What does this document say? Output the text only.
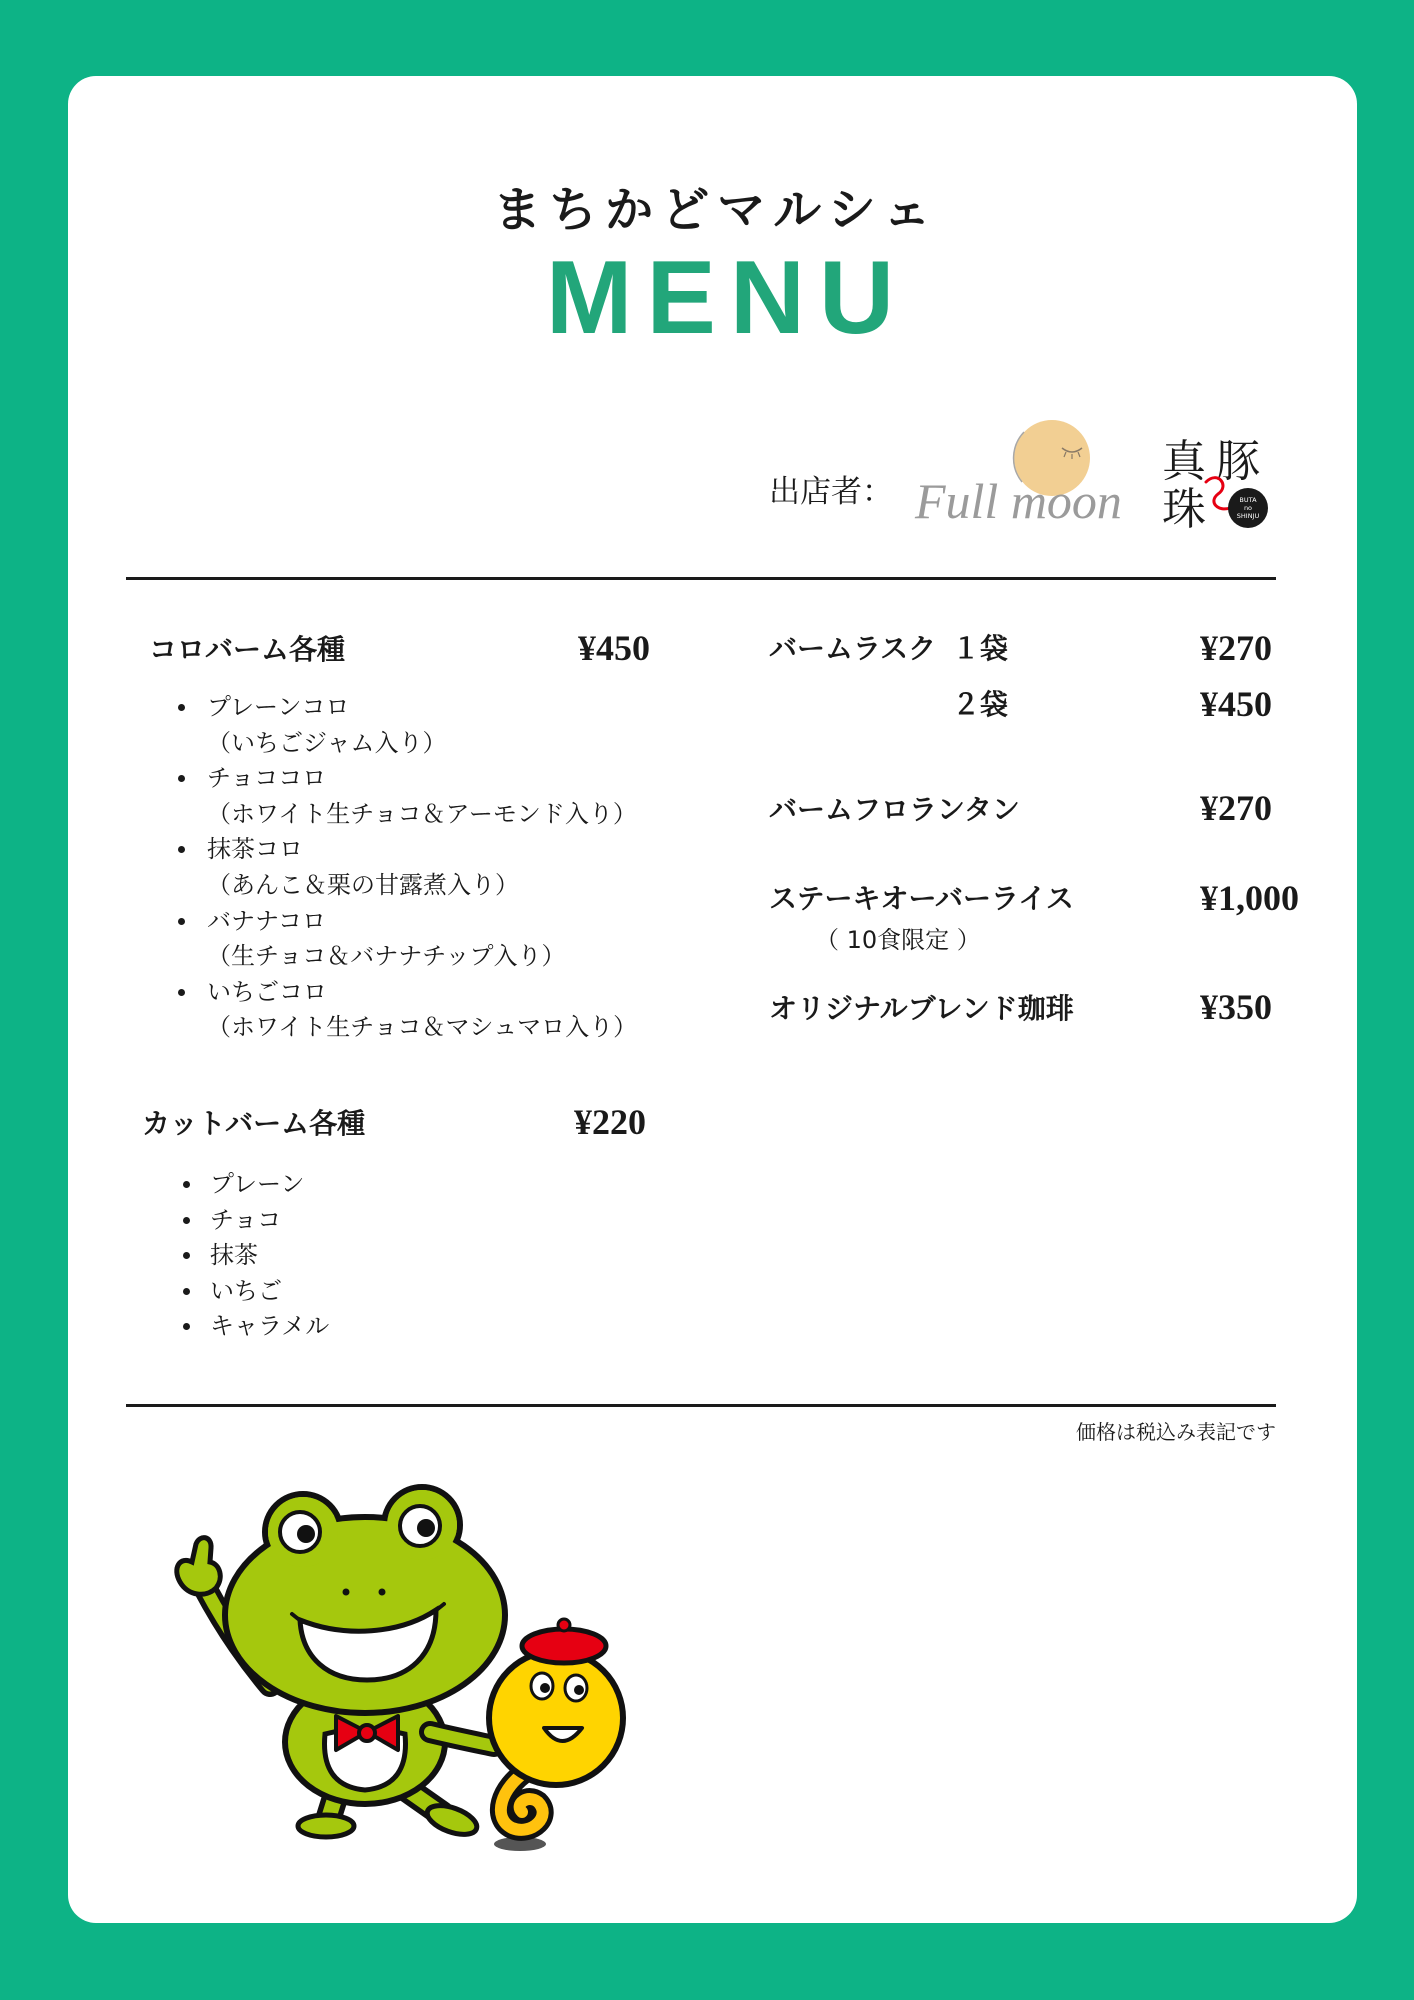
まちかどマルシェ
MENU
出店者： Full moon
真 豚
珠	BUTA
no
SHINJU
コロバーム各種	¥450
プレーンコロ
（いちごジャム入り）
チョココロ
（ホワイト生チョコ＆アーモンド入り）
抹茶コロ
（あんこ＆栗の甘露煮入り）
バナナコロ
（生チョコ＆バナナチップ入り）
いちごコロ
（ホワイト生チョコ＆マシュマロ入り）
カットバーム各種	¥220
プレーン
チョコ
抹茶
いちご
キャラメル
バームラスク １袋	¥270
２袋	¥450
バームフロランタン	¥270
ステーキオーバーライス	¥1,000
（ 10食限定 ）
オリジナルブレンド珈琲	¥350
価格は税込み表記です
